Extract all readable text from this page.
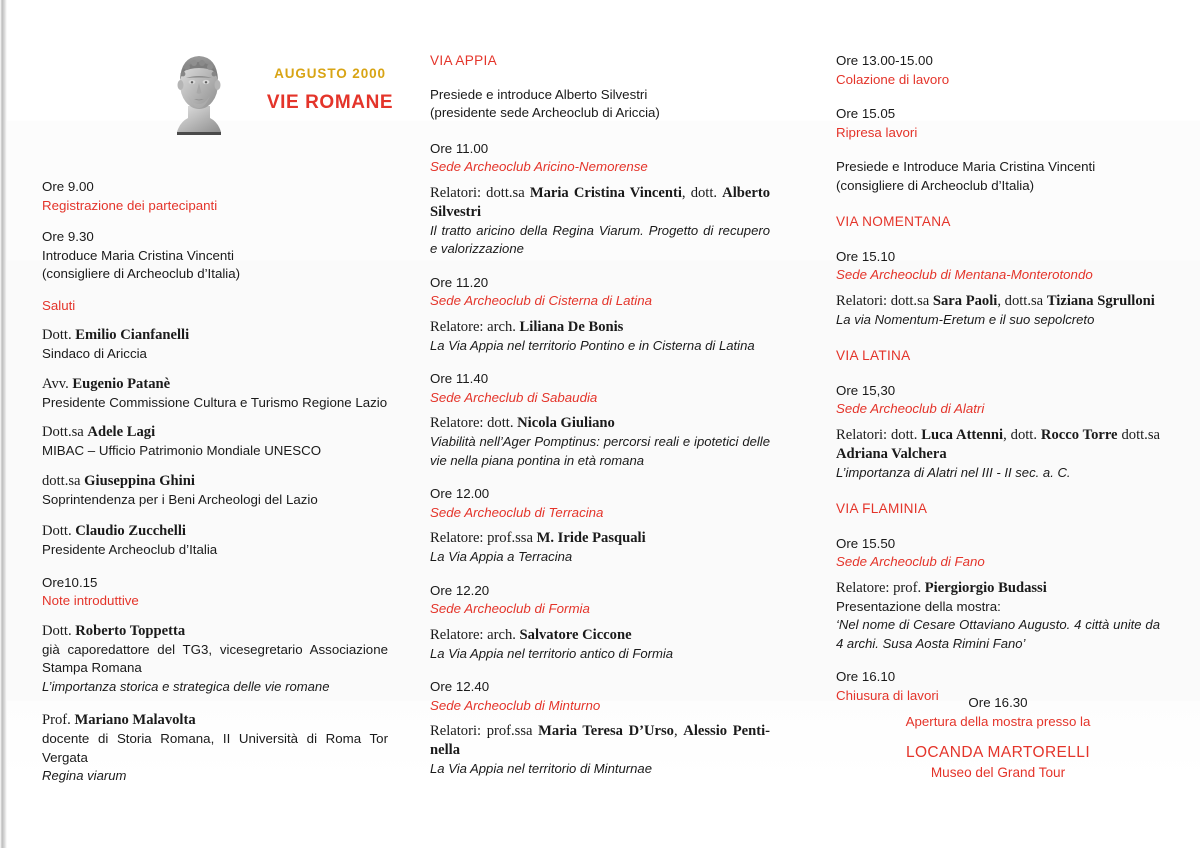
AUGUSTO 2000
VIE ROMANE
Ore 9.00
Registrazione dei partecipanti
Ore 9.30
Introduce Maria Cristina Vincenti
(consigliere di Archeoclub d’Italia)
Saluti
Dott. Emilio Cianfanelli
Sindaco di Ariccia
Avv. Eugenio Patanè
Presidente Commissione Cultura e Turismo Regione Lazio
Dott.sa Adele Lagi
MIBAC – Ufficio Patrimonio Mondiale UNESCO
dott.sa Giuseppina Ghini
Soprintendenza per i Beni Archeologi del Lazio
Dott. Claudio Zucchelli
Presidente Archeoclub d’Italia
Ore10.15
Note introduttive
Dott. Roberto Toppetta
già caporedattore del TG3, vicesegretario Associazione Stampa Romana
L’importanza storica e strategica delle vie romane
Prof. Mariano Malavolta
docente di Storia Romana, II Università di Roma Tor Vergata
Regina viarum
VIA APPIA
Presiede e introduce Alberto Silvestri
(presidente sede Archeoclub di Ariccia)
Ore 11.00
Sede Archeoclub Aricino-Nemorense
Relatori: dott.sa Maria Cristina Vincenti, dott. Alberto Silvestri
Il tratto aricino della Regina Viarum. Progetto di recupero e valorizzazione
Ore 11.20
Sede Archeoclub di Cisterna di Latina
Relatore: arch. Liliana De Bonis
La Via Appia nel territorio Pontino e in Cisterna di Latina
Ore 11.40
Sede Archeclub di Sabaudia
Relatore: dott. Nicola Giuliano
Viabilità nell’Ager Pomptinus: percorsi reali e ipotetici delle vie nella piana pontina in età romana
Ore 12.00
Sede Archeoclub di Terracina
Relatore: prof.ssa M. Iride Pasquali
La Via Appia a Terracina
Ore 12.20
Sede Archeoclub di Formia
Relatore: arch. Salvatore Ciccone
La Via Appia nel territorio antico di Formia
Ore 12.40
Sede Archeoclub di Minturno
Relatori: prof.ssa Maria Teresa D’Urso, Alessio Penti-nella
La Via Appia nel territorio di Minturnae
Ore 13.00-15.00
Colazione di lavoro
Ore 15.05
Ripresa lavori
Presiede e Introduce Maria Cristina Vincenti
(consigliere di Archeoclub d’Italia)
VIA NOMENTANA
Ore 15.10
Sede Archeoclub di Mentana-Monterotondo
Relatori: dott.sa Sara Paoli, dott.sa Tiziana Sgrulloni
La via Nomentum-Eretum e il suo sepolcreto
VIA LATINA
Ore 15,30
Sede Archeoclub di Alatri
Relatori: dott. Luca Attenni, dott. Rocco Torre dott.sa Adriana Valchera
L’importanza di Alatri nel III - II sec. a. C.
VIA FLAMINIA
Ore 15.50
Sede Archeoclub di Fano
Relatore: prof. Piergiorgio Budassi
Presentazione della mostra:
‘Nel nome di Cesare Ottaviano Augusto. 4 città unite da 4 archi. Susa Aosta Rimini Fano’
Ore 16.10
Chiusura di lavori	Ore 16.30
Apertura della mostra presso la
LOCANDA MARTORELLI
Museo del Grand Tour
